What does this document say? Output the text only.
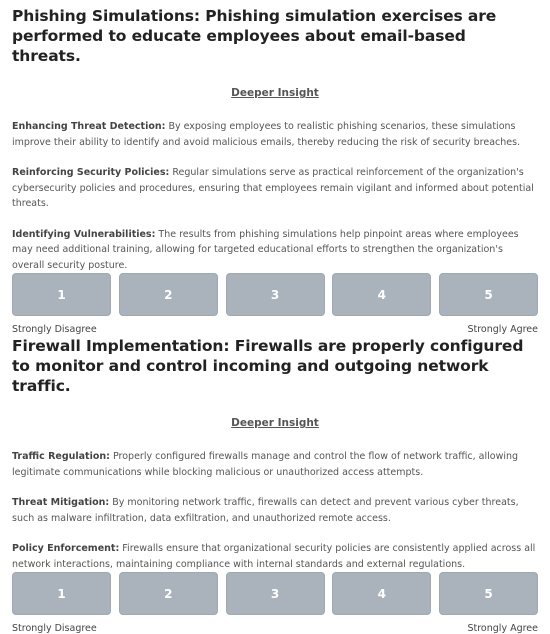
Phishing Simulations: Phishing simulation exercises are performed to educate employees about email-based threats.
Deeper Insight

Enhancing Threat Detection: By exposing employees to realistic phishing scenarios, these simulations improve their ability to identify and avoid malicious emails, thereby reducing the risk of security breaches.

Reinforcing Security Policies: Regular simulations serve as practical reinforcement of the organization's cybersecurity policies and procedures, ensuring that employees remain vigilant and informed about potential threats.

Identifying Vulnerabilities: The results from phishing simulations help pinpoint areas where employees may need additional training, allowing for targeted educational efforts to strengthen the organization's overall security posture.

1	2	3	4	5
Strongly Disagree	Strongly Agree
Firewall Implementation: Firewalls are properly configured to monitor and control incoming and outgoing network traffic.
Deeper Insight

Traffic Regulation: Properly configured firewalls manage and control the flow of network traffic, allowing legitimate communications while blocking malicious or unauthorized access attempts.

Threat Mitigation: By monitoring network traffic, firewalls can detect and prevent various cyber threats, such as malware infiltration, data exfiltration, and unauthorized remote access.

Policy Enforcement: Firewalls ensure that organizational security policies are consistently applied across all network interactions, maintaining compliance with internal standards and external regulations.

1	2	3	4	5
Strongly Disagree	Strongly Agree
